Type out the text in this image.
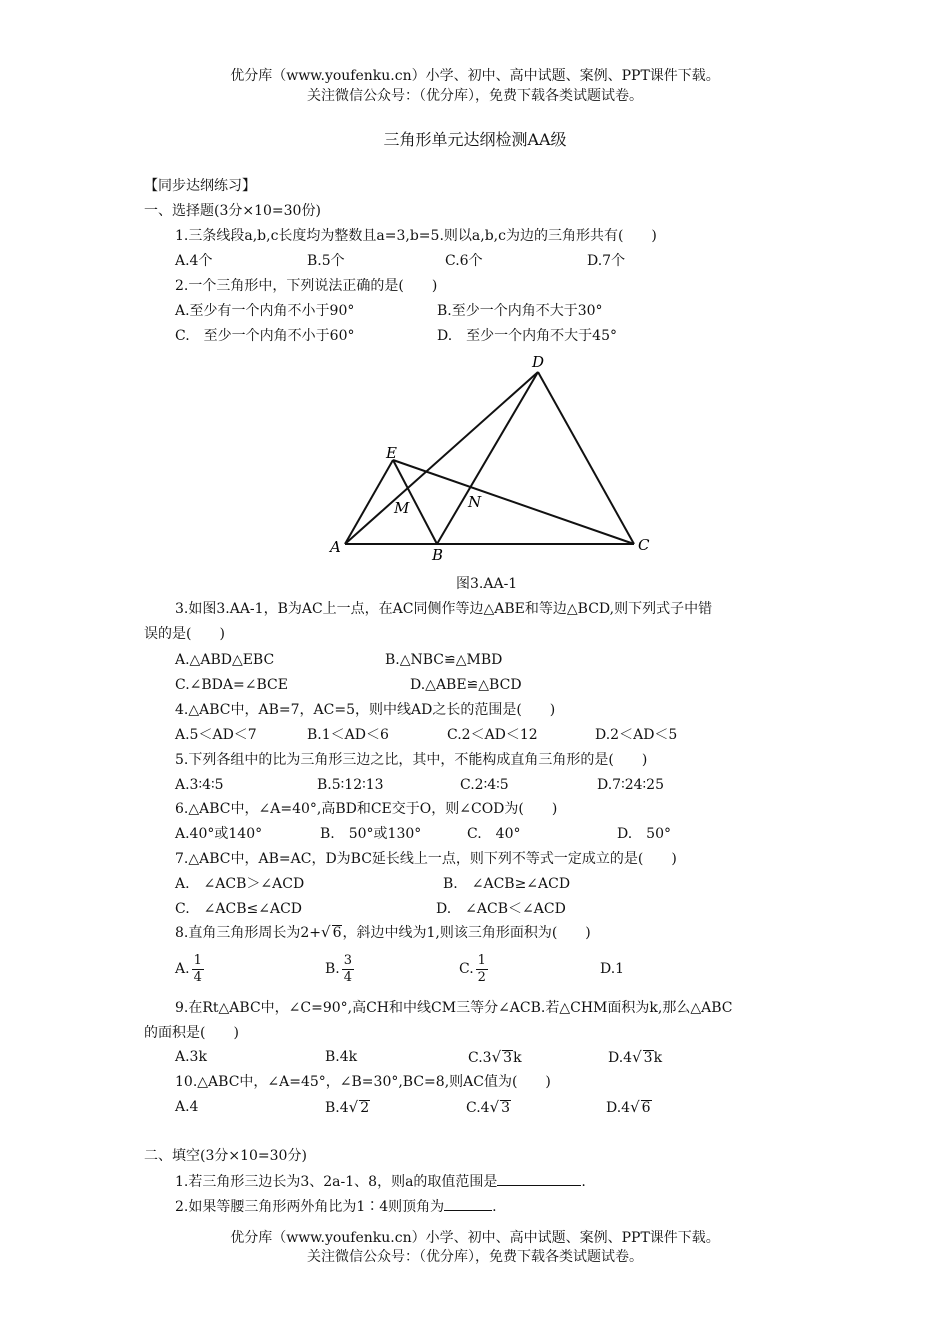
优分库（www.youfenku.cn）小学、初中、高中试题、案例、PPT课件下载。
关注微信公众号：（优分库），免费下载各类试题试卷。
三角形单元达纲检测AA级
【同步达纲练习】
一、选择题(3分×10=30份)
1.三条线段a,b,c长度均为整数且a=3,b=5.则以a,b,c为边的三角形共有(　　)
A.4个	B.5个	C.6个	D.7个
2.一个三角形中，下列说法正确的是(　　)
A.至少有一个内角不小于90°	B.至少一个内角不大于30°
C.　至少一个内角不小于60°	D.　至少一个内角不大于45°
D
E
M	N
A	B
C
图3.AA-1
3.如图3.AA-1，B为AC上一点，在AC同侧作等边△ABE和等边△BCD,则下列式子中错
误的是(　　)
A.△ABD△EBC	B.△NBC≌△MBD
C.∠BDA=∠BCE	D.△ABE≌△BCD
4.△ABC中，AB=7，AC=5，则中线AD之长的范围是(　　)
A.5＜AD＜7	B.1＜AD＜6	C.2＜AD＜12	D.2＜AD＜5
5.下列各组中的比为三角形三边之比，其中，不能构成直角三角形的是(　　)
A.3∶4∶5	B.5∶12∶13	C.2∶4∶5	D.7∶24∶25
6.△ABC中，∠A=40°,高BD和CE交于O，则∠COD为(　　)
A.40°或140°	B.　50°或130°	C.　40°	D.　50°
7.△ABC中，AB=AC，D为BC延长线上一点，则下列不等式一定成立的是(　　)
A.　∠ACB＞∠ACD	B.　∠ACB≥∠ACD
C.　∠ACB≤∠ACD	D.　∠ACB＜∠ACD
8.直角三角形周长为2+√ 6，斜边中线为1,则该三角形面积为(　　)
A. $\frac{1}{4}$	B. $\frac{3}{4}$	C. $\frac{1}{2}$	D.1
9.在Rt△ABC中，∠C=90°,高CH和中线CM三等分∠ACB.若△CHM面积为k,那么△ABC
的面积是(　　)
A.3k	B.4k	C.3√ 3k	D.4√ 3k
10.△ABC中，∠A=45°，∠B=30°,BC=8,则AC值为(　　)
A.4	B.4√ 2	C.4√ 3	D.4√ 6
二、填空(3分×10=30分)
1.若三角形三边长为3、2a-1、8，则a的取值范围是	.
2.如果等腰三角形两外角比为1∶4则顶角为	.
优分库（www.youfenku.cn）小学、初中、高中试题、案例、PPT课件下载。
关注微信公众号：（优分库），免费下载各类试题试卷。
